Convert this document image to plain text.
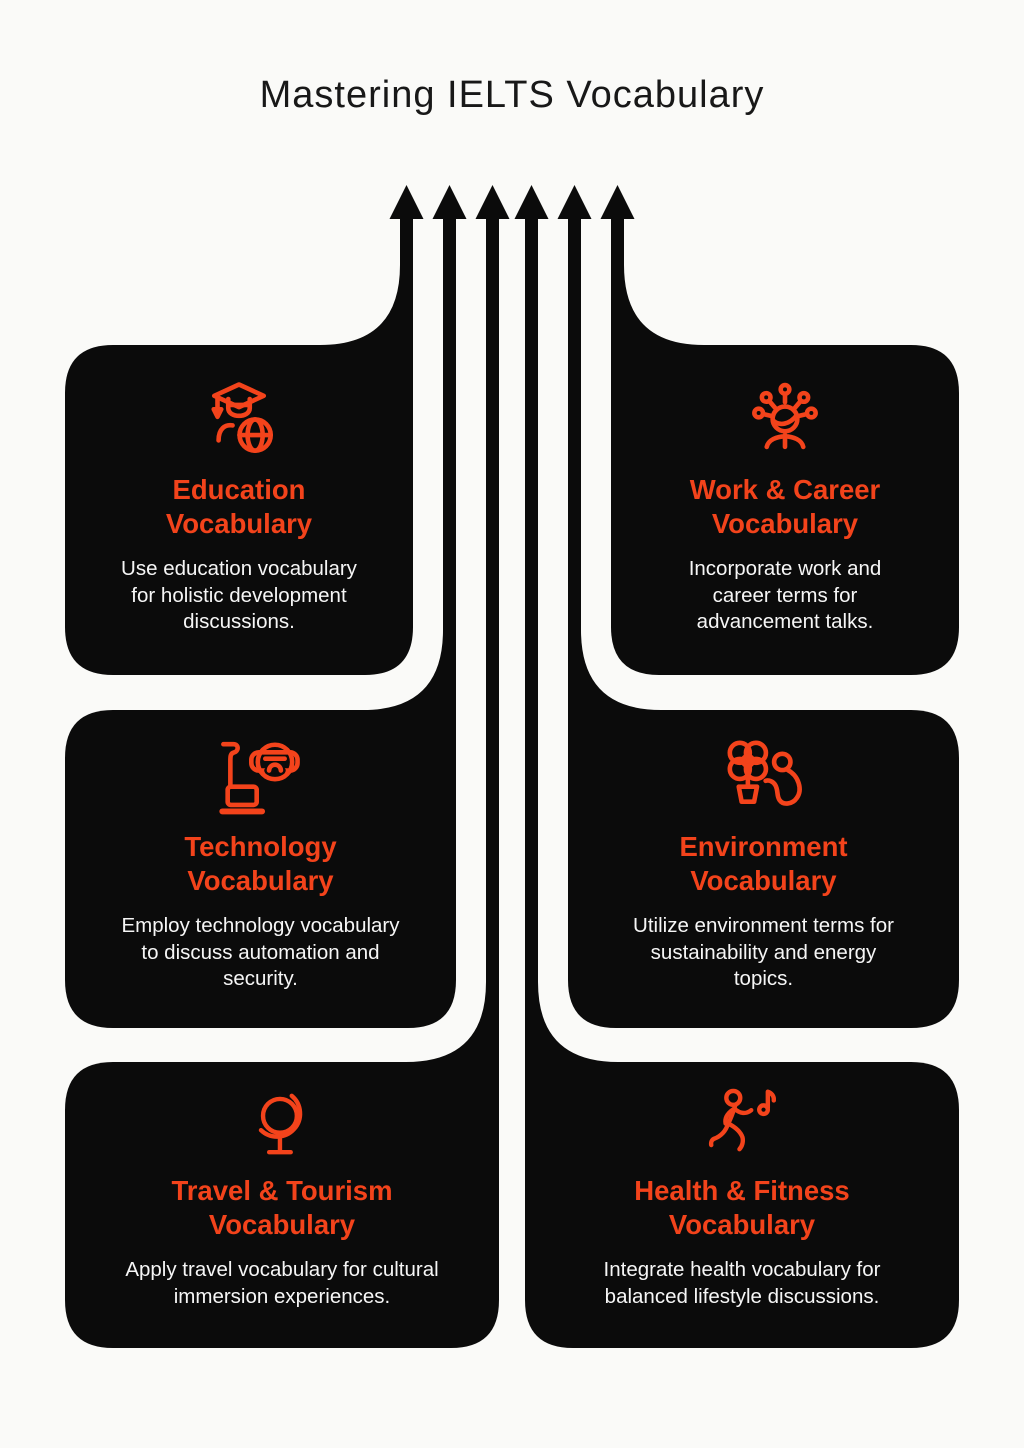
Mastering IELTS Vocabulary
Education
Vocabulary
Use education vocabulary
for holistic development
discussions.
Work & Career
Vocabulary
Incorporate work and
career terms for
advancement talks.
Technology
Vocabulary
Employ technology vocabulary
to discuss automation and
security.
Environment
Vocabulary
Utilize environment terms for
sustainability and energy
topics.
Travel & Tourism
Vocabulary
Apply travel vocabulary for cultural
immersion experiences.
Health & Fitness
Vocabulary
Integrate health vocabulary for
balanced lifestyle discussions.
